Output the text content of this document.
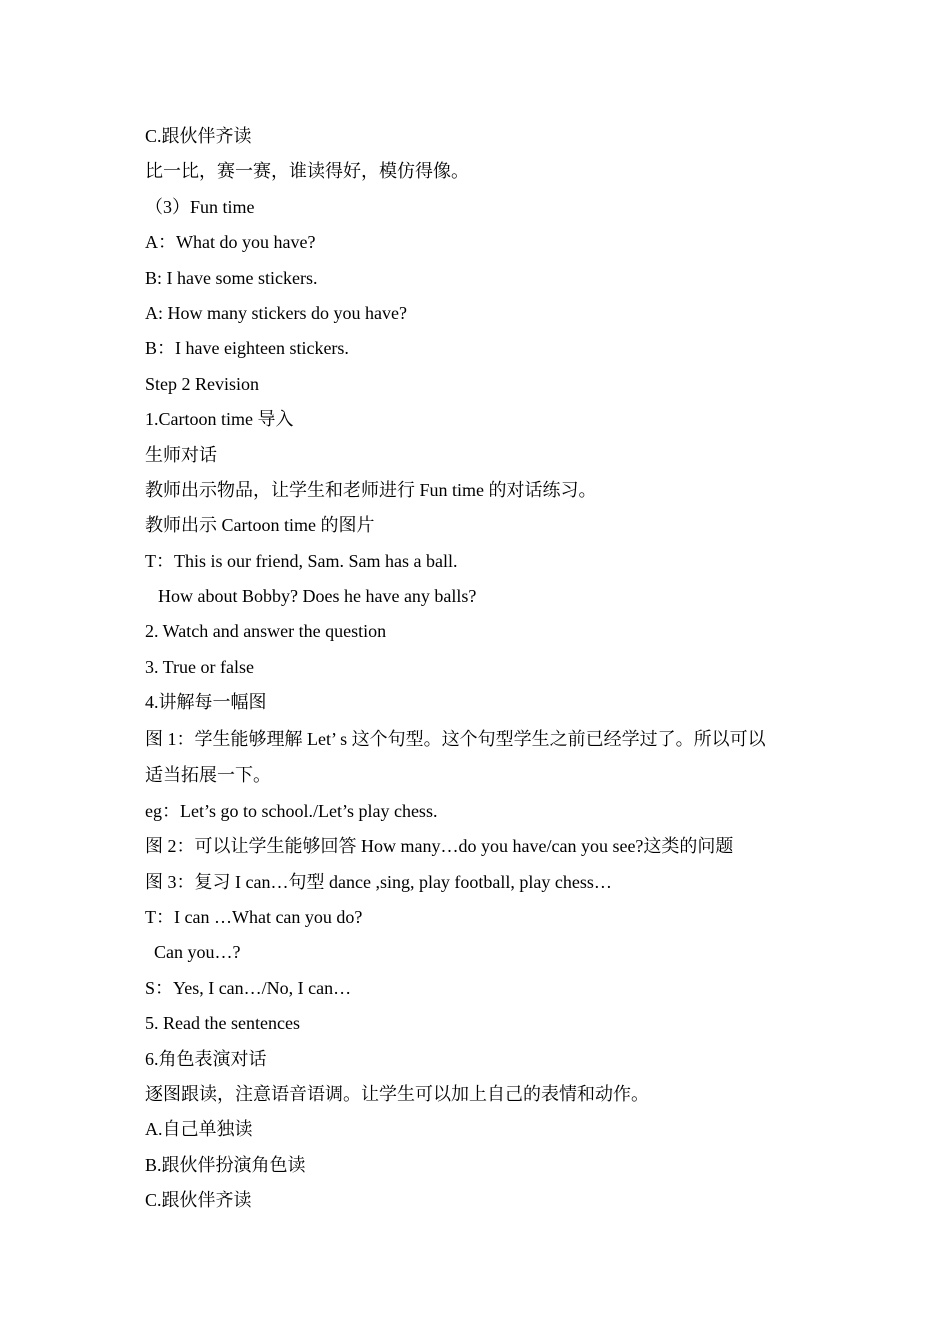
C.跟伙伴齐读
比一比，赛一赛，谁读得好，模仿得像。
（3）Fun time
A：What do you have?
B: I have some stickers.
A: How many stickers do you have?
B：I have eighteen stickers.
Step 2 Revision
1.Cartoon time 导入
生师对话
教师出示物品，让学生和老师进行 Fun time 的对话练习。
教师出示 Cartoon time 的图片
T：This is our friend, Sam. Sam has a ball.
How about Bobby? Does he have any balls?
2. Watch and answer the question
3. True or false
4.讲解每一幅图
图 1：学生能够理解 Let’ s 这个句型。这个句型学生之前已经学过了。所以可以
适当拓展一下。
eg：Let’s go to school./Let’s play chess.
图 2：可以让学生能够回答 How many…do you have/can you see?这类的问题
图 3：复习 I can…句型 dance ,sing, play football, play chess…
T：I can …What can you do?
Can you…?
S：Yes, I can…/No, I can…
5. Read the sentences
6.角色表演对话
逐图跟读，注意语音语调。让学生可以加上自己的表情和动作。
A.自己单独读
B.跟伙伴扮演角色读
C.跟伙伴齐读
